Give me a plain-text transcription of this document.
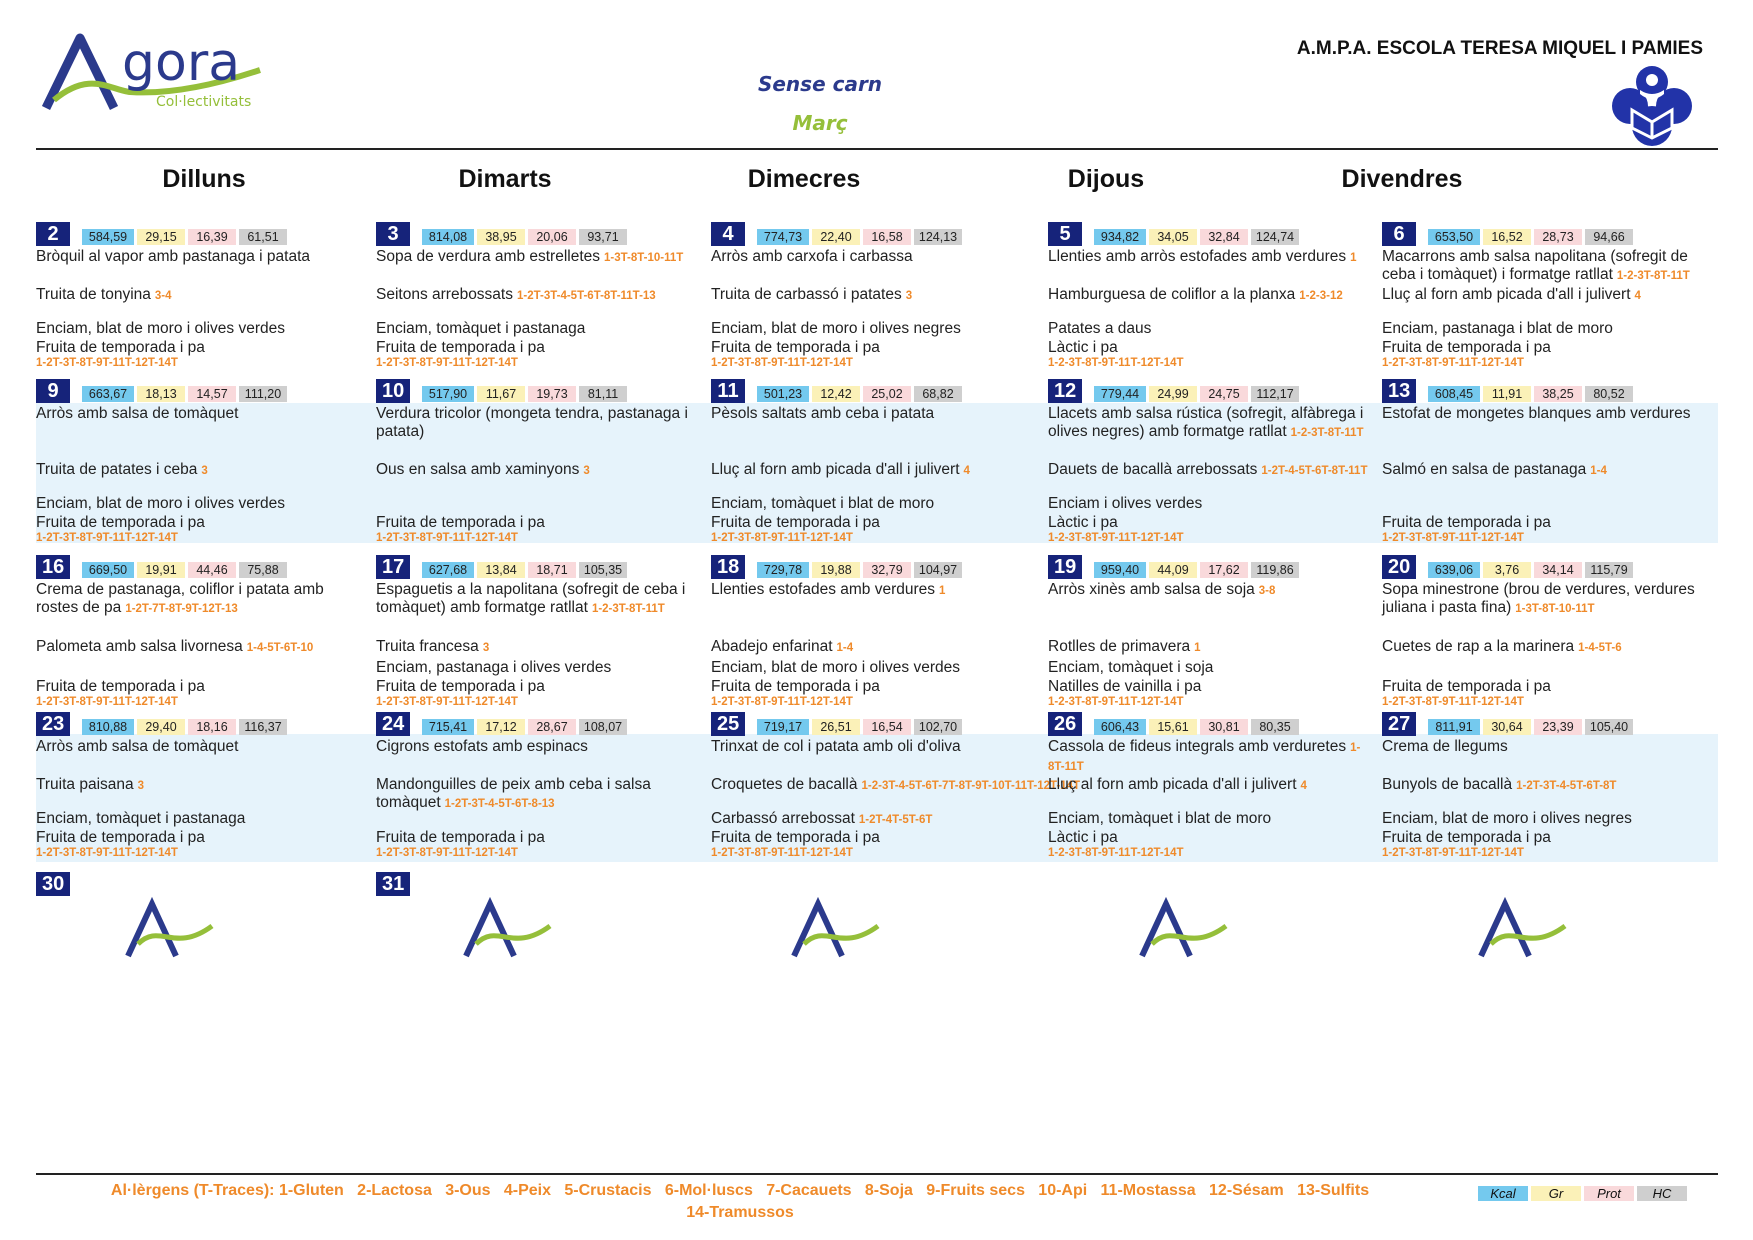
gora
Col·lectivitats
Sense carn
Març
A.M.P.A. ESCOLA TERESA MIQUEL I PAMIES
Dilluns	Dimarts	Dimecres	Dijous	Divendres
2	584,59	29,15	16,39	61,51
Bròquil al vapor amb pastanaga i patata
Truita de tonyina 3-4
Enciam, blat de moro i olives verdes
Fruita de temporada i pa
1-2T-3T-8T-9T-11T-12T-14T
3	814,08	38,95	20,06	93,71
Sopa de verdura amb estrelletes 1-3T-8T-10-11T
Seitons arrebossats 1-2T-3T-4-5T-6T-8T-11T-13
Enciam, tomàquet i pastanaga
Fruita de temporada i pa
1-2T-3T-8T-9T-11T-12T-14T
4	774,73	22,40	16,58	124,13
Arròs amb carxofa i carbassa
Truita de carbassó i patates 3
Enciam, blat de moro i olives negres
Fruita de temporada i pa
1-2T-3T-8T-9T-11T-12T-14T
5	934,82	34,05	32,84	124,74
Llenties amb arròs estofades amb verdures 1
Hamburguesa de coliflor a la planxa 1-2-3-12
Patates a daus
Làctic i pa
1-2-3T-8T-9T-11T-12T-14T
6	653,50	16,52	28,73	94,66
Macarrons amb salsa napolitana (sofregit de ceba i tomàquet) i formatge ratllat 1-2-3T-8T-11T
Lluç al forn amb picada d'all i julivert 4
Enciam, pastanaga i blat de moro
Fruita de temporada i pa
1-2T-3T-8T-9T-11T-12T-14T
9	663,67	18,13	14,57	111,20
Arròs amb salsa de tomàquet
Truita de patates i ceba 3
Enciam, blat de moro i olives verdes
Fruita de temporada i pa
1-2T-3T-8T-9T-11T-12T-14T
10	517,90	11,67	19,73	81,11
Verdura tricolor (mongeta tendra, pastanaga i patata)
Ous en salsa amb xaminyons 3
Fruita de temporada i pa
1-2T-3T-8T-9T-11T-12T-14T
11	501,23	12,42	25,02	68,82
Pèsols saltats amb ceba i patata
Lluç al forn amb picada d'all i julivert 4
Enciam, tomàquet i blat de moro
Fruita de temporada i pa
1-2T-3T-8T-9T-11T-12T-14T
12	779,44	24,99	24,75	112,17
Llacets amb salsa rústica (sofregit, alfàbrega i olives negres) amb formatge ratllat 1-2-3T-8T-11T
Dauets de bacallà arrebossats 1-2T-4-5T-6T-8T-11T
Enciam i olives verdes
Làctic i pa
1-2-3T-8T-9T-11T-12T-14T
13	608,45	11,91	38,25	80,52
Estofat de mongetes blanques amb verdures
Salmó en salsa de pastanaga 1-4
Fruita de temporada i pa
1-2T-3T-8T-9T-11T-12T-14T
16	669,50	19,91	44,46	75,88
Crema de pastanaga, coliflor i patata amb rostes de pa 1-2T-7T-8T-9T-12T-13
Palometa amb salsa livornesa 1-4-5T-6T-10
Fruita de temporada i pa
1-2T-3T-8T-9T-11T-12T-14T
17	627,68	13,84	18,71	105,35
Espaguetis a la napolitana (sofregit de ceba i tomàquet) amb formatge ratllat 1-2-3T-8T-11T
Truita francesa 3
Enciam, pastanaga i olives verdes
Fruita de temporada i pa
1-2T-3T-8T-9T-11T-12T-14T
18	729,78	19,88	32,79	104,97
Llenties estofades amb verdures 1
Abadejo enfarinat 1-4
Enciam, blat de moro i olives verdes
Fruita de temporada i pa
1-2T-3T-8T-9T-11T-12T-14T
19	959,40	44,09	17,62	119,86
Arròs xinès amb salsa de soja 3-8
Rotlles de primavera 1
Enciam, tomàquet i soja
Natilles de vainilla i pa
1-2-3T-8T-9T-11T-12T-14T
20	639,06	3,76	34,14	115,79
Sopa minestrone (brou de verdures, verdures juliana i pasta fina) 1-3T-8T-10-11T
Cuetes de rap a la marinera 1-4-5T-6
Fruita de temporada i pa
1-2T-3T-8T-9T-11T-12T-14T
23	810,88	29,40	18,16	116,37
Arròs amb salsa de tomàquet
Truita paisana 3
Enciam, tomàquet i pastanaga
Fruita de temporada i pa
1-2T-3T-8T-9T-11T-12T-14T
24	715,41	17,12	28,67	108,07
Cigrons estofats amb espinacs
Mandonguilles de peix amb ceba i salsa tomàquet 1-2T-3T-4-5T-6T-8-13
Fruita de temporada i pa
1-2T-3T-8T-9T-11T-12T-14T
25	719,17	26,51	16,54	102,70
Trinxat de col i patata amb oli d'oliva
Croquetes de bacallà 1-2-3T-4-5T-6T-7T-8T-9T-10T-11T-12T-14T
Carbassó arrebossat 1-2T-4T-5T-6T
Fruita de temporada i pa
1-2T-3T-8T-9T-11T-12T-14T
26	606,43	15,61	30,81	80,35
Cassola de fideus integrals amb verduretes 1-8T-11T
Lluç al forn amb picada d'all i julivert 4
Enciam, tomàquet i blat de moro
Làctic i pa
1-2-3T-8T-9T-11T-12T-14T
27	811,91	30,64	23,39	105,40
Crema de llegums
Bunyols de bacallà 1-2T-3T-4-5T-6T-8T
Enciam, blat de moro i olives negres
Fruita de temporada i pa
1-2T-3T-8T-9T-11T-12T-14T
30	31
Al·lèrgens (T-Traces): 1-Gluten   2-Lactosa   3-Ous   4-Peix   5-Crustacis   6-Mol·luscs   7-Cacauets   8-Soja   9-Fruits secs   10-Api   11-Mostassa   12-Sésam   13-Sulfits
14-Tramussos
Kcal	Gr	Prot	HC
